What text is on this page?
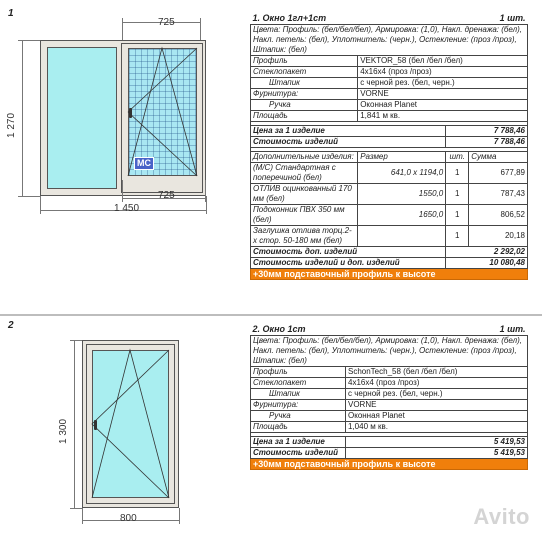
1
725
1 270
MC
725
1 450
1. Окно 1гл+1ст			1 шт.
Цвета: Профиль: (бел/бел/бел), Армировка: (1,0), Накл. дренажа: (бел), Накл. петель: (бел), Уплотнитель: (черн.), Остекление: (проз /проз), Штапик: (бел)			
Профиль	VEKTOR_58 (бел /бел /бел)		
Стеклопакет	4х16х4 (проз /проз)		
Штапик	с черной рез. (бел, черн.)		
Фурнитура:	VORNE		
Ручка	Оконная Planet		
Площадь	1,841 м кв.		

Цена за 1 изделие		7 788,46	
Стоимость изделий		7 788,46	

Дополнительные изделия:	Размер	шт.	Сумма
(М/С) Стандартная с поперечиной (бел)	641,0 х 1194,0	1	677,89
ОТЛИВ оцинкованный 170 мм (бел)	1550,0	1	787,43
Подоконник ПВХ 350 мм (бел)	1650,0	1	806,52
Заглушка отлива торц.2-х стор. 50-180 мм (бел)		1	20,18
Стоимость доп. изделий		2 292,02	
Стоимость изделий и доп. изделий		10 080,48	
+30мм подставочный профиль к высоте			
2
1 300
800
2. Окно 1ст	1 шт.
Цвета: Профиль: (бел/бел/бел), Армировка: (1,0), Накл. дренажа: (бел), Накл. петель: (бел), Уплотнитель: (черн.), Остекление: (проз /проз), Штапик: (бел)	
Профиль	SchonTech_58 (бел /бел /бел)
Стеклопакет	4х16х4 (проз /проз)
Штапик	с черной рез. (бел, черн.)
Фурнитура:	VORNE
Ручка	Оконная Planet
Площадь	1,040 м кв.

Цена за 1 изделие	5 419,53
Стоимость изделий	5 419,53
+30мм подставочный профиль к высоте	
Avito
